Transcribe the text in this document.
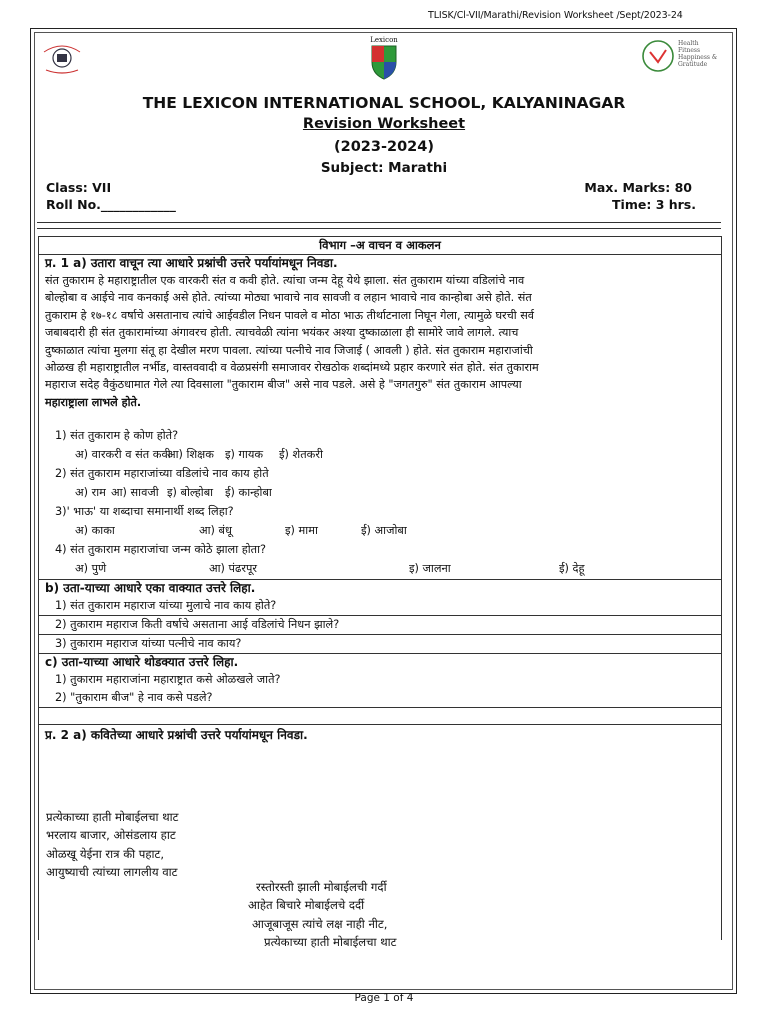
TLISK/Cl-VII/Marathi/Revision Worksheet /Sept/2023-24
Lexicon	Health
Fitness
Happiness &
Gratitude
THE LEXICON INTERNATIONAL SCHOOL, KALYANINAGAR
Revision Worksheet
(2023-2024)
Subject: Marathi
Class: VII
Roll No.____________
Max. Marks: 80
Time: 3 hrs.
विभाग –अ वाचन व आकलन

प्र. 1 a) उतारा वाचून त्या आधारे प्रश्नांची उत्तरे पर्यायांमधून निवडा.
संत तुकाराम हे महाराष्ट्रातील एक वारकरी संत व कवी होते. त्यांचा जन्म देहू येथे झाला. संत तुकाराम यांच्या वडिलांचे नाव
बोल्होबा व आईचे नाव कनकाई असे होते. त्यांच्या मोठ्या भावाचे नाव सावजी व लहान भावाचे नाव कान्होबा असे होते. संत
तुकाराम हे १७-१८ वर्षाचे असतानाच त्यांचे आईवडील निधन पावले व मोठा भाऊ तीर्थाटनाला निघून गेला, त्यामुळे घरची सर्व
जबाबदारी ही संत तुकारामांच्या अंगावरच होती. त्याचवेळी त्यांना भयंकर अश्या दुष्काळाला ही सामोरे जावे लागले. त्याच
दुष्काळात त्यांचा मुलगा संतू हा देखील मरण पावला. त्यांच्या पत्नीचे नाव जिजाई ( आवली ) होते. संत तुकाराम महाराजांची
ओळख ही महाराष्ट्रातील नर्भीड, वास्तववादी व वेळप्रसंगी समाजावर रोखठोक शब्दांमध्ये प्रहार करणारे संत होते. संत तुकाराम
महाराज सदेह वैकुंठधामात गेले त्या दिवसाला "तुकाराम बीज" असे नाव पडले. असे हे "जगतगुरु" संत तुकाराम आपल्या
महाराष्ट्राला लाभले होते.
1) संत तुकाराम हे कोण होते?
अ) वारकरी व संत कवीआ) शिक्षक इ) गायक ई) शेतकरी
2) संत तुकाराम महाराजांच्या वडिलांचे नाव काय होते
अ) राम आ) सावजी इ) बोल्होबा ई) कान्होबा
3)' भाऊ' या शब्दाचा समानार्थी शब्द लिहा?
अ) काका	आ) बंधू	इ) मामा	ई) आजोबा
4) संत तुकाराम महाराजांचा जन्म कोठे झाला होता?
अ) पुणे	आ) पंढरपूर	इ) जालना	ई) देहू

b) उता-याच्या आधारे एका वाक्यात उत्तरे लिहा.
1) संत तुकाराम महाराज यांच्या मुलाचे नाव काय होते?

2) तुकाराम महाराज किती वर्षाचे असताना आई वडिलांचे निधन झाले?

3) तुकाराम महाराज यांच्या पत्नीचे नाव काय?

c) उता-याच्या आधारे थोडक्यात उत्तरे लिहा.
1) तुकाराम महाराजांना महाराष्ट्रात कसे ओळखले जाते?
2) "तुकाराम बीज" हे नाव कसे पडले?

प्र. 2 a) कवितेच्या आधारे प्रश्नांची उत्तरे पर्यायांमधून निवडा.
प्रत्येकाच्या हाती मोबाईलचा थाट
भरलाय बाजार, ओसंडलाय हाट
ओळखू येईना रात्र की पहाट,
आयुष्याची त्यांच्या लागलीय वाट
रस्तोरस्ती झाली मोबाईलची गर्दी
आहेत बिचारे मोबाईलचे दर्दी
आजूबाजूस त्यांचे लक्ष नाही नीट,
प्रत्येकाच्या हाती मोबाईलचा थाट
Page 1 of 4
